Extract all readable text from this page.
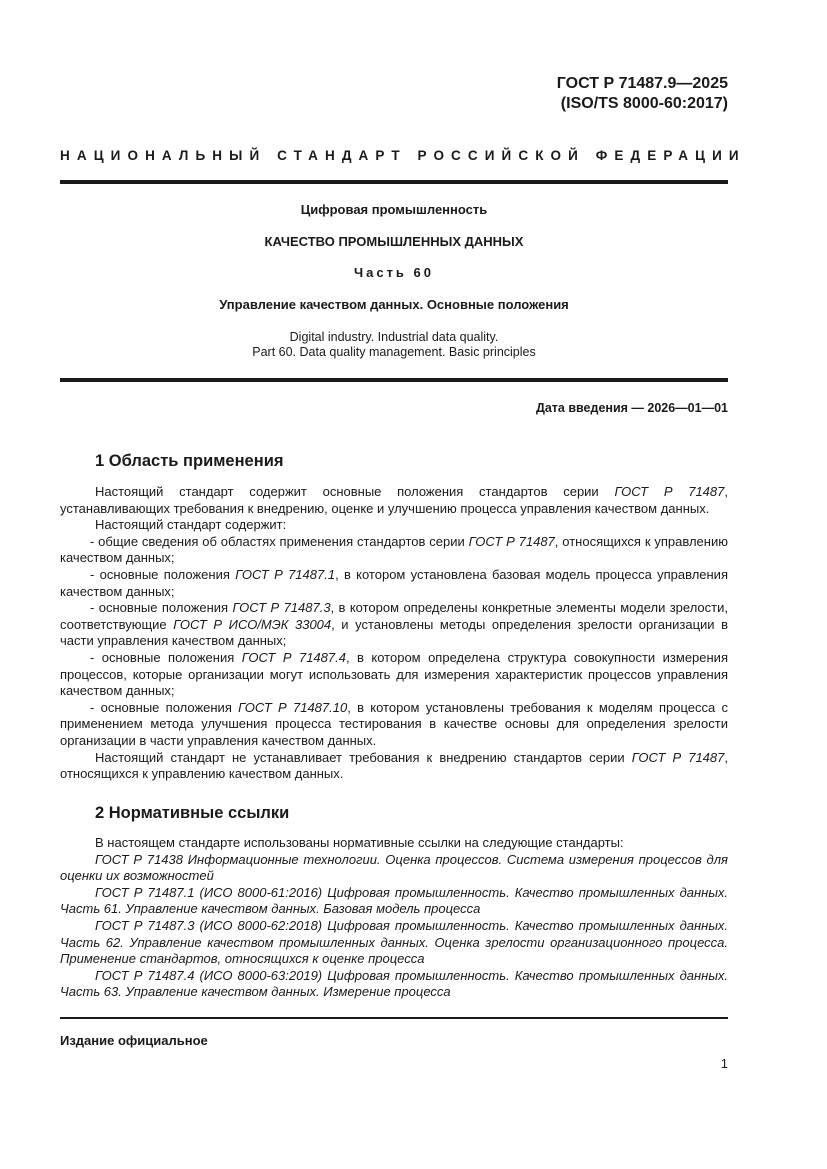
ГОСТ Р 71487.9—2025
(ISO/TS 8000-60:2017)
НАЦИОНАЛЬНЫЙ СТАНДАРТ РОССИЙСКОЙ ФЕДЕРАЦИИ
Цифровая промышленность
КАЧЕСТВО ПРОМЫШЛЕННЫХ ДАННЫХ
Часть 60
Управление качеством данных. Основные положения
Digital industry. Industrial data quality.
Part 60. Data quality management. Basic principles
Дата введения — 2026—01—01
1 Область применения

Настоящий стандарт содержит основные положения стандартов серии ГОСТ Р 71487, устанавливающих требования к внедрению, оценке и улучшению процесса управления качеством данных.

Настоящий стандарт содержит:

- общие сведения об областях применения стандартов серии ГОСТ Р 71487, относящихся к управлению качеством данных;

- основные положения ГОСТ Р 71487.1, в котором установлена базовая модель процесса управления качеством данных;

- основные положения ГОСТ Р 71487.3, в котором определены конкретные элементы модели зрелости, соответствующие ГОСТ Р ИСО/МЭК 33004, и установлены методы определения зрелости организации в части управления качеством данных;

- основные положения ГОСТ Р 71487.4, в котором определена структура совокупности измерения процессов, которые организации могут использовать для измерения характеристик процессов управления качеством данных;

- основные положения ГОСТ Р 71487.10, в котором установлены требования к моделям процесса с применением метода улучшения процесса тестирования в качестве основы для определения зрелости организации в части управления качеством данных.

Настоящий стандарт не устанавливает требования к внедрению стандартов серии ГОСТ Р 71487, относящихся к управлению качеством данных.

2 Нормативные ссылки

В настоящем стандарте использованы нормативные ссылки на следующие стандарты:

ГОСТ Р 71438 Информационные технологии. Оценка процессов. Система измерения процессов для оценки их возможностей

ГОСТ Р 71487.1 (ИСО 8000-61:2016) Цифровая промышленность. Качество промышленных данных. Часть 61. Управление качеством данных. Базовая модель процесса

ГОСТ Р 71487.3 (ИСО 8000-62:2018) Цифровая промышленность. Качество промышленных данных. Часть 62. Управление качеством промышленных данных. Оценка зрелости организационного процесса. Применение стандартов, относящихся к оценке процесса

ГОСТ Р 71487.4 (ИСО 8000-63:2019) Цифровая промышленность. Качество промышленных данных. Часть 63. Управление качеством данных. Измерение процесса

Издание официальное
1
